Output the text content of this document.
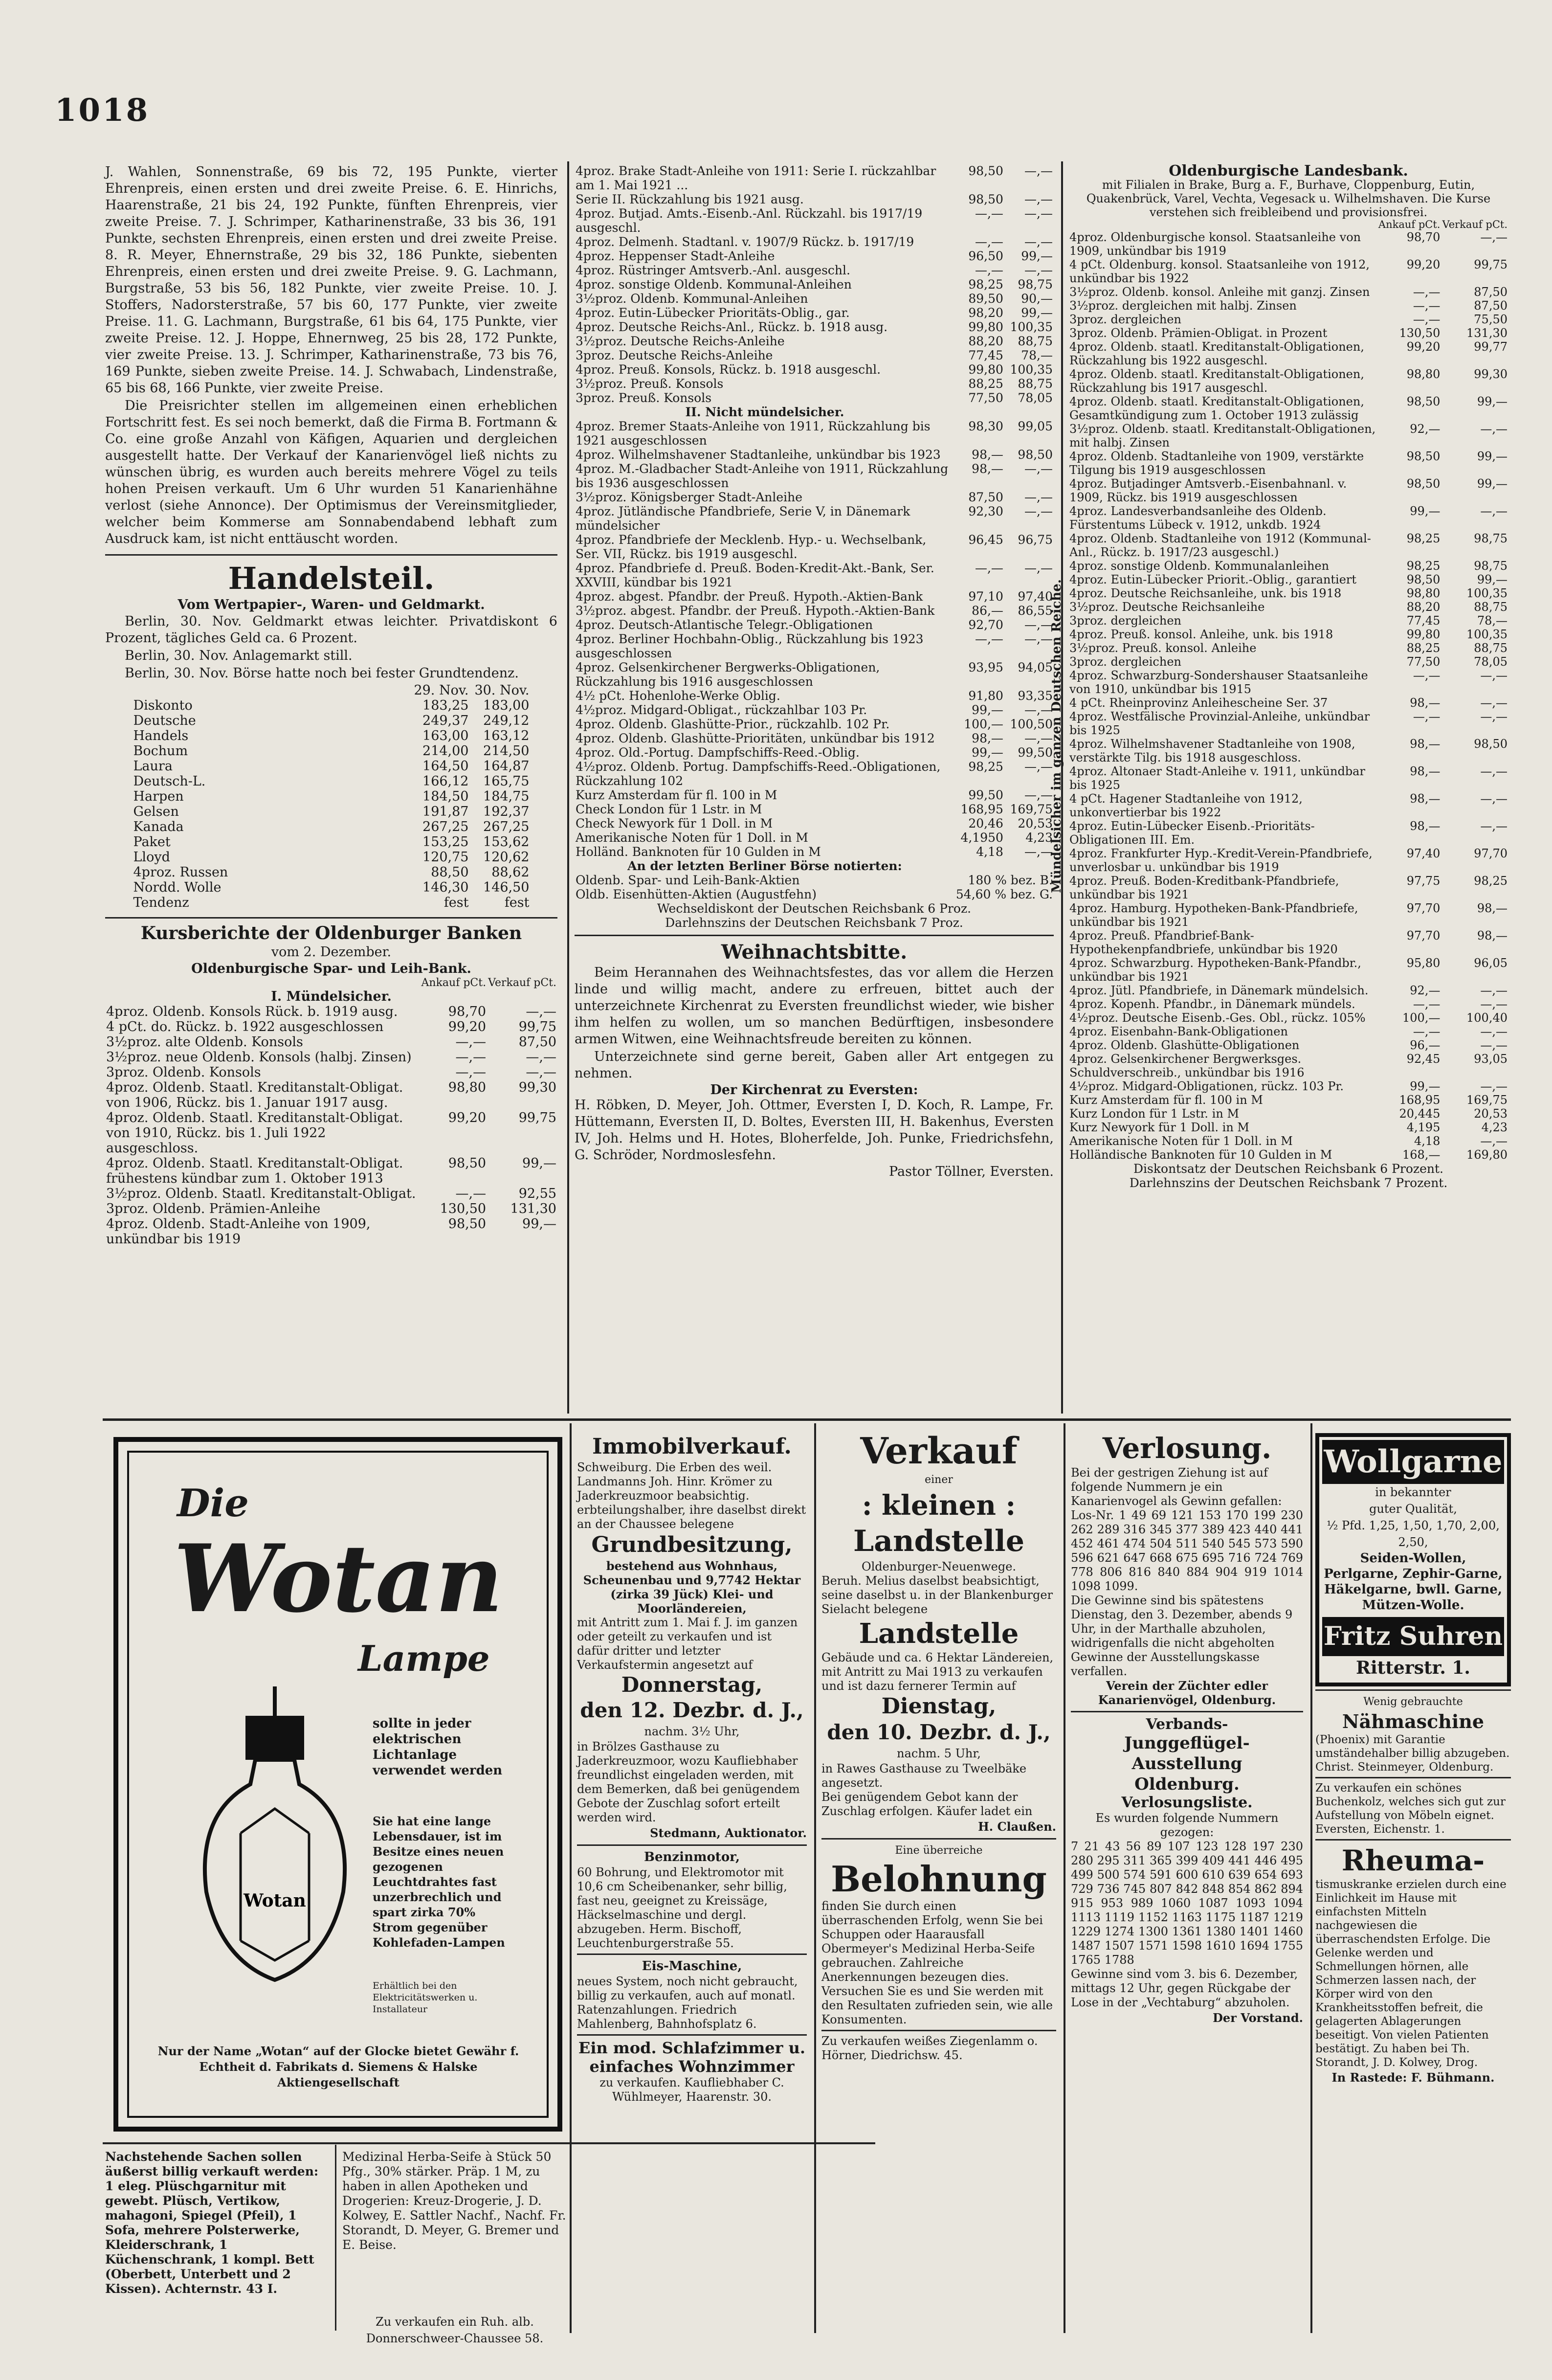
1018

J. Wahlen, Sonnenstraße, 69 bis 72, 195 Punkte, vierter Ehrenpreis, einen ersten und drei zweite Preise. 6. E. Hinrichs, Haarenstraße, 21 bis 24, 192 Punkte, fünften Ehrenpreis, vier zweite Preise. 7. J. Schrimper, Katharinenstraße, 33 bis 36, 191 Punkte, sechsten Ehrenpreis, einen ersten und drei zweite Preise. 8. R. Meyer, Ehnernstraße, 29 bis 32, 186 Punkte, siebenten Ehrenpreis, einen ersten und drei zweite Preise. 9. G. Lachmann, Burgstraße, 53 bis 56, 182 Punkte, vier zweite Preise. 10. J. Stoffers, Nadorsterstraße, 57 bis 60, 177 Punkte, vier zweite Preise. 11. G. Lachmann, Burgstraße, 61 bis 64, 175 Punkte, vier zweite Preise. 12. J. Hoppe, Ehnernweg, 25 bis 28, 172 Punkte, vier zweite Preise. 13. J. Schrimper, Katharinenstraße, 73 bis 76, 169 Punkte, sieben zweite Preise. 14. J. Schwabach, Lindenstraße, 65 bis 68, 166 Punkte, vier zweite Preise.

Die Preisrichter stellen im allgemeinen einen erheblichen Fortschritt fest. Es sei noch bemerkt, daß die Firma B. Fortmann & Co. eine große Anzahl von Käfigen, Aquarien und dergleichen ausgestellt hatte. Der Verkauf der Kanarienvögel ließ nichts zu wünschen übrig, es wurden auch bereits mehrere Vögel zu teils hohen Preisen verkauft. Um 6 Uhr wurden 51 Kanarienhähne verlost (siehe Annonce). Der Optimismus der Vereinsmitglieder, welcher beim Kommerse am Sonnabendabend lebhaft zum Ausdruck kam, ist nicht enttäuscht worden.

Handelsteil.
Vom Wertpapier-, Waren- und Geldmarkt.

Berlin, 30. Nov. Geldmarkt etwas leichter. Privatdiskont 6 Prozent, tägliches Geld ca. 6 Prozent.

Berlin, 30. Nov. Anlagemarkt still.

Berlin, 30. Nov. Börse hatte noch bei fester Grundtendenz.

	29. Nov.	30. Nov.
Diskonto	183,25	183,00
Deutsche	249,37	249,12
Handels	163,00	163,12
Bochum	214,00	214,50
Laura	164,50	164,87
Deutsch-L.	166,12	165,75
Harpen	184,50	184,75
Gelsen	191,87	192,37
Kanada	267,25	267,25
Paket	153,25	153,62
Lloyd	120,75	120,62
4proz. Russen	88,50	88,62
Nordd. Wolle	146,30	146,50
Tendenz	fest	fest
Kursberichte der Oldenburger Banken
vom 2. Dezember.
Oldenburgische Spar- und Leih-Bank.
	Ankauf pCt.	Verkauf pCt.
I. Mündelsicher.		
4proz. Oldenb. Konsols Rück. b. 1919 ausg.	98,70	—,—
4 pCt. do. Rückz. b. 1922 ausgeschlossen	99,20	99,75
3½proz. alte Oldenb. Konsols	—,—	87,50
3½proz. neue Oldenb. Konsols (halbj. Zinsen)	—,—	—,—
3proz. Oldenb. Konsols	—,—	—,—
4proz. Oldenb. Staatl. Kreditanstalt-Obligat. von 1906, Rückz. bis 1. Januar 1917 ausg.	98,80	99,30
4proz. Oldenb. Staatl. Kreditanstalt-Obligat. von 1910, Rückz. bis 1. Juli 1922 ausgeschloss.	99,20	99,75
4proz. Oldenb. Staatl. Kreditanstalt-Obligat. frühestens kündbar zum 1. Oktober 1913	98,50	99,—
3½proz. Oldenb. Staatl. Kreditanstalt-Obligat.	—,—	92,55
3proz. Oldenb. Prämien-Anleihe	130,50	131,30
4proz. Oldenb. Stadt-Anleihe von 1909, unkündbar bis 1919	98,50	99,—
4proz. Brake Stadt-Anleihe von 1911: Serie I. rückzahlbar am 1. Mai 1921 ...	98,50	—,—
Serie II. Rückzahlung bis 1921 ausg.	98,50	—,—
4proz. Butjad. Amts.-Eisenb.-Anl. Rückzahl. bis 1917/19 ausgeschl.	—,—	—,—
4proz. Delmenh. Stadtanl. v. 1907/9 Rückz. b. 1917/19	—,—	—,—
4proz. Heppenser Stadt-Anleihe	96,50	99,—
4proz. Rüstringer Amtsverb.-Anl. ausgeschl.	—,—	—,—
4proz. sonstige Oldenb. Kommunal-Anleihen	98,25	98,75
3½proz. Oldenb. Kommunal-Anleihen	89,50	90,—
4proz. Eutin-Lübecker Prioritäts-Oblig., gar.	98,20	99,—
4proz. Deutsche Reichs-Anl., Rückz. b. 1918 ausg.	99,80	100,35
3½proz. Deutsche Reichs-Anleihe	88,20	88,75
3proz. Deutsche Reichs-Anleihe	77,45	78,—
4proz. Preuß. Konsols, Rückz. b. 1918 ausgeschl.	99,80	100,35
3½proz. Preuß. Konsols	88,25	88,75
3proz. Preuß. Konsols	77,50	78,05
II. Nicht mündelsicher.		
4proz. Bremer Staats-Anleihe von 1911, Rückzahlung bis 1921 ausgeschlossen	98,30	99,05
4proz. Wilhelmshavener Stadtanleihe, unkündbar bis 1923	98,—	98,50
4proz. M.-Gladbacher Stadt-Anleihe von 1911, Rückzahlung bis 1936 ausgeschlossen	98,—	—,—
3½proz. Königsberger Stadt-Anleihe	87,50	—,—
4proz. Jütländische Pfandbriefe, Serie V, in Dänemark mündelsicher	92,30	—,—
4proz. Pfandbriefe der Mecklenb. Hyp.- u. Wechselbank, Ser. VII, Rückz. bis 1919 ausgeschl.	96,45	96,75
4proz. Pfandbriefe d. Preuß. Boden-Kredit-Akt.-Bank, Ser. XXVIII, kündbar bis 1921	—,—	—,—
4proz. abgest. Pfandbr. der Preuß. Hypoth.-Aktien-Bank	97,10	97,40
3½proz. abgest. Pfandbr. der Preuß. Hypoth.-Aktien-Bank	86,—	86,55
4proz. Deutsch-Atlantische Telegr.-Obligationen	92,70	—,—
4proz. Berliner Hochbahn-Oblig., Rückzahlung bis 1923 ausgeschlossen	—,—	—,—
4proz. Gelsenkirchener Bergwerks-Obligationen, Rückzahlung bis 1916 ausgeschlossen	93,95	94,05
4½ pCt. Hohenlohe-Werke Oblig.	91,80	93,35
4½proz. Midgard-Obligat., rückzahlbar 103 Pr.	99,—	—,—
4proz. Oldenb. Glashütte-Prior., rückzahlb. 102 Pr.	100,—	100,50
4proz. Oldenb. Glashütte-Prioritäten, unkündbar bis 1912	98,—	—,—
4proz. Old.-Portug. Dampfschiffs-Reed.-Oblig.	99,—	99,50
4½proz. Oldenb. Portug. Dampfschiffs-Reed.-Obligationen, Rückzahlung 102	98,25	—,—
Kurz Amsterdam für fl. 100 in M	99,50	—,—
Check London für 1 Lstr. in M	168,95	169,75
Check Newyork für 1 Doll. in M	20,46	20,53
Amerikanische Noten für 1 Doll. in M	4,1950	4,23
Holländ. Banknoten für 10 Gulden in M	4,18	—,—
An der letzten Berliner Börse notierten:		
Oldenb. Spar- und Leih-Bank-Aktien	180 % bez. B.	
Oldb. Eisenhütten-Aktien (Augustfehn)	54,60 % bez. G.	
Wechseldiskont der Deutschen Reichsbank 6 Proz.
Darlehnszins der Deutschen Reichsbank 7 Proz.
Weihnachtsbitte.

Beim Herannahen des Weihnachtsfestes, das vor allem die Herzen linde und willig macht, andere zu erfreuen, bittet auch der unterzeichnete Kirchenrat zu Eversten freundlichst wieder, wie bisher ihm helfen zu wollen, um so manchen Bedürftigen, insbesondere armen Witwen, eine Weihnachtsfreude bereiten zu können.

Unterzeichnete sind gerne bereit, Gaben aller Art entgegen zu nehmen.

Der Kirchenrat zu Eversten:

H. Röbken, D. Meyer, Joh. Ottmer, Eversten I, D. Koch, R. Lampe, Fr. Hüttemann, Eversten II, D. Boltes, Eversten III, H. Bakenhus, Eversten IV, Joh. Helms und H. Hotes, Bloherfelde, Joh. Punke, Friedrichsfehn, G. Schröder, Nordmoslesfehn.

Pastor Töllner, Eversten.
Oldenburgische Landesbank.
mit Filialen in Brake, Burg a. F., Burhave, Cloppenburg, Eutin, Quakenbrück, Varel, Vechta, Vegesack u. Wilhelmshaven. Die Kurse verstehen sich freibleibend und provisionsfrei.
Mündelsicher im ganzen Deutschen Reiche.
	Ankauf pCt.	Verkauf pCt.
4proz. Oldenburgische konsol. Staatsanleihe von 1909, unkündbar bis 1919	98,70	—,—
4 pCt. Oldenburg. konsol. Staatsanleihe von 1912, unkündbar bis 1922	99,20	99,75
3½proz. Oldenb. konsol. Anleihe mit ganzj. Zinsen	—,—	87,50
3½proz. dergleichen mit halbj. Zinsen	—,—	87,50
3proz. dergleichen	—,—	75,50
3proz. Oldenb. Prämien-Obligat. in Prozent	130,50	131,30
4proz. Oldenb. staatl. Kreditanstalt-Obligationen, Rückzahlung bis 1922 ausgeschl.	99,20	99,77
4proz. Oldenb. staatl. Kreditanstalt-Obligationen, Rückzahlung bis 1917 ausgeschl.	98,80	99,30
4proz. Oldenb. staatl. Kreditanstalt-Obligationen, Gesamtkündigung zum 1. October 1913 zulässig	98,50	99,—
3½proz. Oldenb. staatl. Kreditanstalt-Obligationen, mit halbj. Zinsen	92,—	—,—
4proz. Oldenb. Stadtanleihe von 1909, verstärkte Tilgung bis 1919 ausgeschlossen	98,50	99,—
4proz. Butjadinger Amtsverb.-Eisenbahnanl. v. 1909, Rückz. bis 1919 ausgeschlossen	98,50	99,—
4proz. Landesverbandsanleihe des Oldenb. Fürstentums Lübeck v. 1912, unkdb. 1924	99,—	—,—
4proz. Oldenb. Stadtanleihe von 1912 (Kommunal-Anl., Rückz. b. 1917/23 ausgeschl.)	98,25	98,75
4proz. sonstige Oldenb. Kommunalanleihen	98,25	98,75
4proz. Eutin-Lübecker Priorit.-Oblig., garantiert	98,50	99,—
4proz. Deutsche Reichsanleihe, unk. bis 1918	98,80	100,35
3½proz. Deutsche Reichsanleihe	88,20	88,75
3proz. dergleichen	77,45	78,—
4proz. Preuß. konsol. Anleihe, unk. bis 1918	99,80	100,35
3½proz. Preuß. konsol. Anleihe	88,25	88,75
3proz. dergleichen	77,50	78,05
4proz. Schwarzburg-Sondershauser Staatsanleihe von 1910, unkündbar bis 1915	—,—	—,—
4 pCt. Rheinprovinz Anleihescheine Ser. 37	98,—	—,—
4proz. Westfälische Provinzial-Anleihe, unkündbar bis 1925	—,—	—,—
4proz. Wilhelmshavener Stadtanleihe von 1908, verstärkte Tilg. bis 1918 ausgeschloss.	98,—	98,50
4proz. Altonaer Stadt-Anleihe v. 1911, unkündbar bis 1925	98,—	—,—
4 pCt. Hagener Stadtanleihe von 1912, unkonvertierbar bis 1922	98,—	—,—
4proz. Eutin-Lübecker Eisenb.-Prioritäts-Obligationen III. Em.	98,—	—,—
4proz. Frankfurter Hyp.-Kredit-Verein-Pfandbriefe, unverlosbar u. unkündbar bis 1919	97,40	97,70
4proz. Preuß. Boden-Kreditbank-Pfandbriefe, unkündbar bis 1921	97,75	98,25
4proz. Hamburg. Hypotheken-Bank-Pfandbriefe, unkündbar bis 1921	97,70	98,—
4proz. Preuß. Pfandbrief-Bank-Hypothekenpfandbriefe, unkündbar bis 1920	97,70	98,—
4proz. Schwarzburg. Hypotheken-Bank-Pfandbr., unkündbar bis 1921	95,80	96,05
4proz. Jütl. Pfandbriefe, in Dänemark mündelsich.	92,—	—,—
4proz. Kopenh. Pfandbr., in Dänemark mündels.	—,—	—,—
4½proz. Deutsche Eisenb.-Ges. Obl., rückz. 105%	100,—	100,40
4proz. Eisenbahn-Bank-Obligationen	—,—	—,—
4proz. Oldenb. Glashütte-Obligationen	96,—	—,—
4proz. Gelsenkirchener Bergwerksges. Schuldverschreib., unkündbar bis 1916	92,45	93,05
4½proz. Midgard-Obligationen, rückz. 103 Pr.	99,—	—,—
Kurz Amsterdam für fl. 100 in M	168,95	169,75
Kurz London für 1 Lstr. in M	20,445	20,53
Kurz Newyork für 1 Doll. in M	4,195	4,23
Amerikanische Noten für 1 Doll. in M	4,18	—,—
Holländische Banknoten für 10 Gulden in M	168,—	169,80
Diskontsatz der Deutschen Reichsbank 6 Prozent.
Darlehnszins der Deutschen Reichsbank 7 Prozent.
Die
Wotan
Lampe
Wotan
sollte in jeder elektrischen Lichtanlage verwendet werden
Sie hat eine lange Lebensdauer, ist im Besitze eines neuen gezogenen Leuchtdrahtes fast unzerbrechlich und spart zirka 70% Strom gegenüber Kohlefaden-Lampen
Erhältlich bei den Elektricitätswerken u. Installateur
Nur der Name „Wotan“ auf der Glocke bietet Gewähr f. Echtheit d. Fabrikats d. Siemens & Halske Aktiengesellschaft
Nachstehende Sachen sollen äußerst billig verkauft werden: 1 eleg. Plüschgarnitur mit gewebt. Plüsch, Vertikow, mahagoni, Spiegel (Pfeil), 1 Sofa, mehrere Polsterwerke, Kleiderschrank, 1 Küchenschrank, 1 kompl. Bett (Oberbett, Unterbett und 2 Kissen). Achternstr. 43 I.
Medizinal Herba-Seife à Stück 50 Pfg., 30% stärker. Präp. 1 M, zu haben in allen Apotheken und Drogerien: Kreuz-Drogerie, J. D. Kolwey, E. Sattler Nachf., Nachf. Fr. Storandt, D. Meyer, G. Bremer und E. Beise.
Zu verkaufen ein Ruh. alb. Donnerschweer-Chaussee 58.
Immobilverkauf.
Schweiburg. Die Erben des weil. Landmanns Joh. Hinr. Krömer zu Jaderkreuzmoor beabsichtig. erbteilungshalber, ihre daselbst direkt an der Chaussee belegene
Grundbesitzung,
bestehend aus Wohnhaus, Scheunenbau und 9,7742 Hektar (zirka 39 Jück) Klei- und Moorländereien,
mit Antritt zum 1. Mai f. J. im ganzen oder geteilt zu verkaufen und ist dafür dritter und letzter Verkaufstermin angesetzt auf
Donnerstag,
den 12. Dezbr. d. J.,
nachm. 3½ Uhr,
in Brölzes Gasthause zu Jaderkreuzmoor, wozu Kaufliebhaber freundlichst eingeladen werden, mit dem Bemerken, daß bei genügendem Gebote der Zuschlag sofort erteilt werden wird.
Stedmann, Auktionator.
Benzinmotor,
60 Bohrung, und Elektromotor mit 10,6 cm Scheibenanker, sehr billig, fast neu, geeignet zu Kreissäge, Häckselmaschine und dergl. abzugeben. Herm. Bischoff, Leuchtenburgerstraße 55.
Eis-Maschine,
neues System, noch nicht gebraucht, billig zu verkaufen, auch auf monatl. Ratenzahlungen. Friedrich Mahlenberg, Bahnhofsplatz 6.
Ein mod. Schlafzimmer u. einfaches Wohnzimmer
zu verkaufen. Kaufliebhaber C. Wühlmeyer, Haarenstr. 30.
Verkauf
einer
: kleinen :
Landstelle
Oldenburger-Neuenwege.
Beruh. Melius daselbst beabsichtigt, seine daselbst u. in der Blankenburger Sielacht belegene
Landstelle
Gebäude und ca. 6 Hektar Ländereien, mit Antritt zu Mai 1913 zu verkaufen und ist dazu fernerer Termin auf
Dienstag,
den 10. Dezbr. d. J.,
nachm. 5 Uhr,
in Rawes Gasthause zu Tweelbäke angesetzt.
Bei genügendem Gebot kann der Zuschlag erfolgen. Käufer ladet ein
H. Claußen.
Eine überreiche
Belohnung
finden Sie durch einen überraschenden Erfolg, wenn Sie bei Schuppen oder Haarausfall Obermeyer's Medizinal Herba-Seife gebrauchen. Zahlreiche Anerkennungen bezeugen dies. Versuchen Sie es und Sie werden mit den Resultaten zufrieden sein, wie alle Konsumenten.
Zu verkaufen weißes Ziegenlamm o. Hörner, Diedrichsw. 45.
Verlosung.
Bei der gestrigen Ziehung ist auf folgende Nummern je ein Kanarienvogel als Gewinn gefallen:
Los-Nr. 1 49 69 121 153 170 199 230 262 289 316 345 377 389 423 440 441 452 461 474 504 511 540 545 573 590 596 621 647 668 675 695 716 724 769 778 806 816 840 884 904 919 1014 1098 1099.
Die Gewinne sind bis spätestens Dienstag, den 3. Dezember, abends 9 Uhr, in der Marthalle abzuholen, widrigenfalls die nicht abgeholten Gewinne der Ausstellungskasse verfallen.
Verein der Züchter edler Kanarienvögel, Oldenburg.
Verbands-
Junggeflügel-Ausstellung
Oldenburg.
Verlosungsliste.
Es wurden folgende Nummern gezogen:
7 21 43 56 89 107 123 128 197 230 280 295 311 365 399 409 441 446 495 499 500 574 591 600 610 639 654 693 729 736 745 807 842 848 854 862 894 915 953 989 1060 1087 1093 1094 1113 1119 1152 1163 1175 1187 1219 1229 1274 1300 1361 1380 1401 1460 1487 1507 1571 1598 1610 1694 1755 1765 1788
Gewinne sind vom 3. bis 6. Dezember, mittags 12 Uhr, gegen Rückgabe der Lose in der „Vechtaburg“ abzuholen.
Der Vorstand.
Wollgarne
in bekannter
guter Qualität,
½ Pfd. 1,25, 1,50, 1,70, 2,00, 2,50,
Seiden-Wollen, Perlgarne, Zephir-Garne, Häkelgarne, bwll. Garne, Mützen-Wolle.
Fritz Suhren
Ritterstr. 1.
Wenig gebrauchte
Nähmaschine
(Phoenix) mit Garantie umständehalber billig abzugeben. Christ. Steinmeyer, Oldenburg.
Zu verkaufen ein schönes Buchenkolz, welches sich gut zur Aufstellung von Möbeln eignet. Eversten, Eichenstr. 1.
Rheuma-
tismuskranke erzielen durch eine Einlichkeit im Hause mit einfachsten Mitteln nachgewiesen die überraschendsten Erfolge. Die Gelenke werden und Schmellungen hörnen, alle Schmerzen lassen nach, der Körper wird von den Krankheitsstoffen befreit, die gelagerten Ablagerungen beseitigt. Von vielen Patienten bestätigt. Zu haben bei Th. Storandt, J. D. Kolwey, Drog.
In Rastede: F. Bühmann.
